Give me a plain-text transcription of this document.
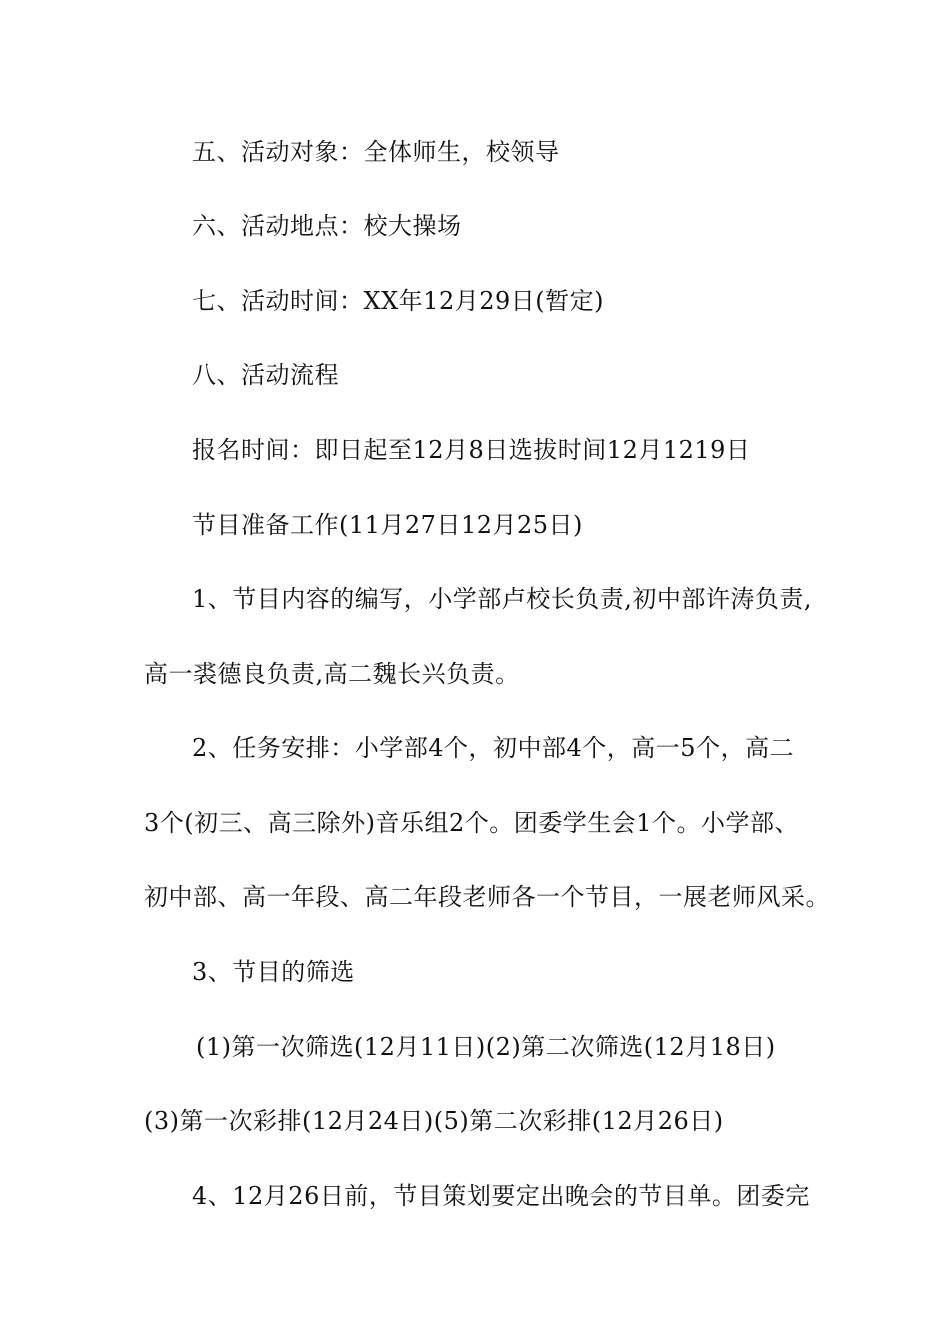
五、活动对象：全体师生，校领导
六、活动地点：校大操场
七、活动时间：XX年12月29日(暂定)
八、活动流程
报名时间：即日起至12月8日选拔时间12月1219日
节目准备工作(11月27日12月25日)
1、节目内容的编写，小学部卢校长负责,初中部许涛负责,
高一裘德良负责,高二魏长兴负责。
2、任务安排：小学部4个，初中部4个，高一5个，高二
3个(初三、高三除外)音乐组2个。团委学生会1个。小学部、
初中部、高一年段、高二年段老师各一个节目，一展老师风采。
3、节目的筛选
(1)第一次筛选(12月11日)(2)第二次筛选(12月18日)
(3)第一次彩排(12月24日)(5)第二次彩排(12月26日)
4、12月26日前，节目策划要定出晚会的节目单。团委完
